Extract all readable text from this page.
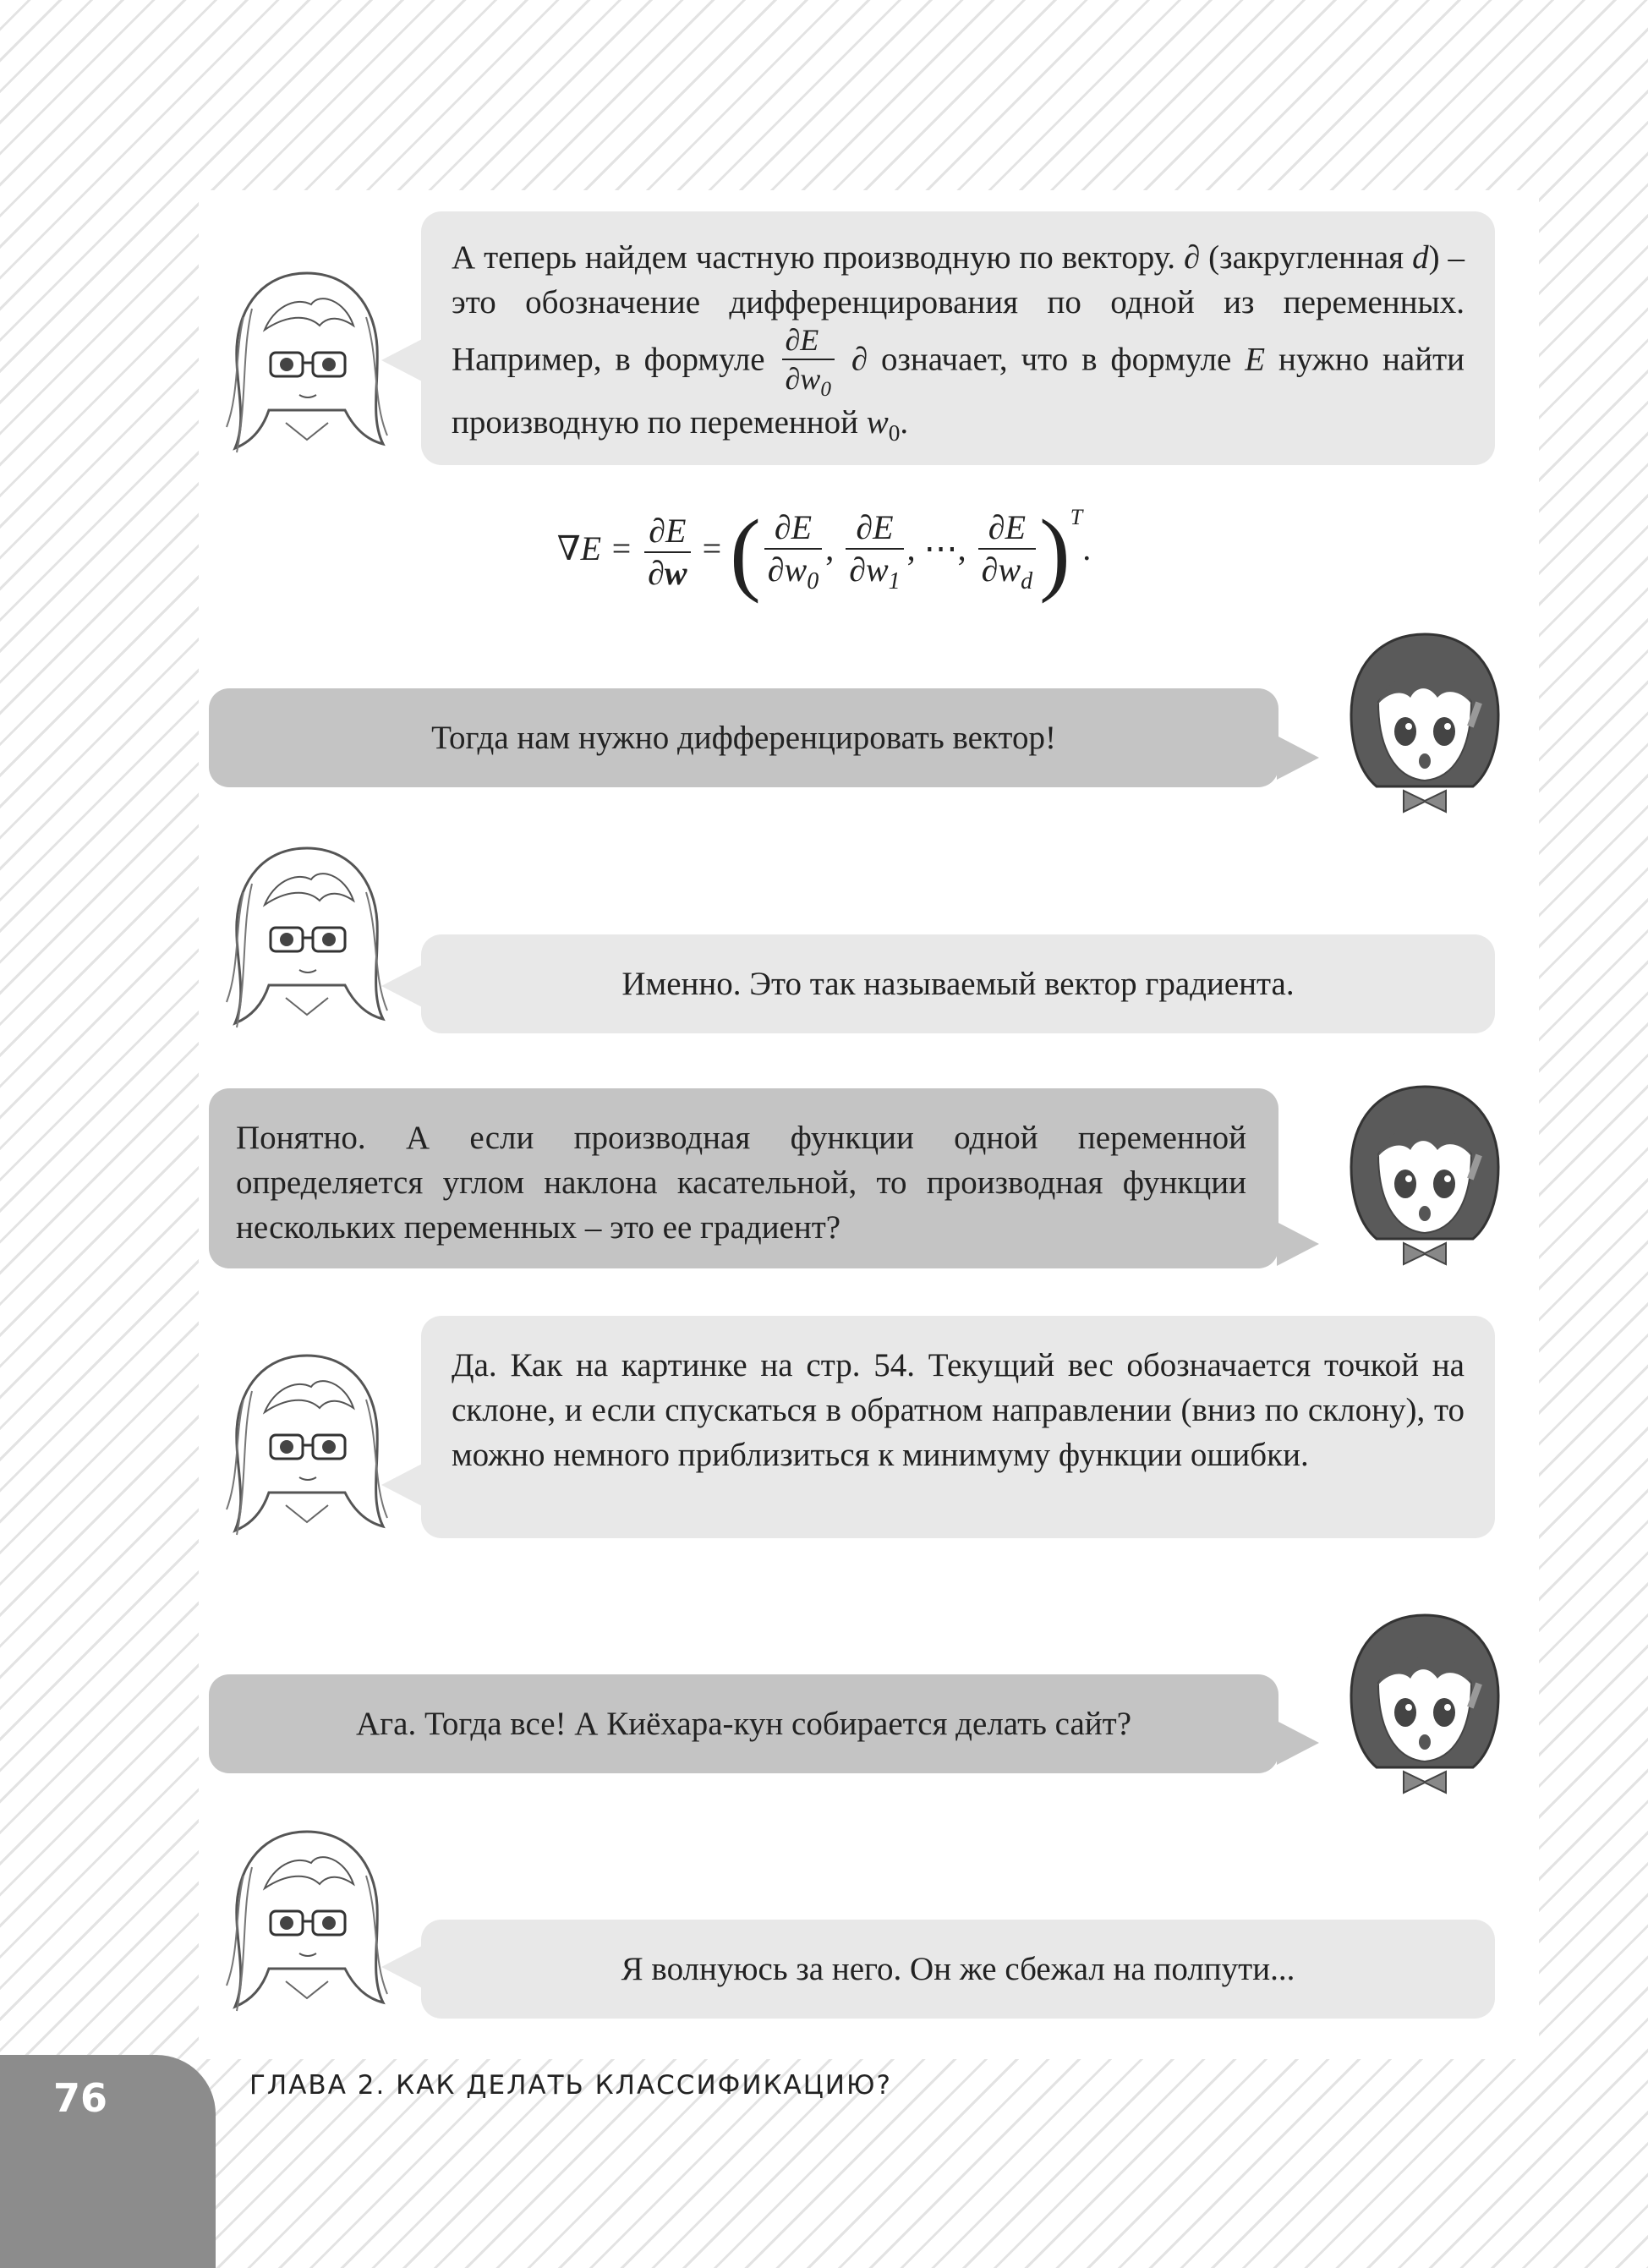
А теперь найдем частную производную по вектору. ∂ (закругленная d) – это обозначение дифференцирования по одной из переменных. Например, в формуле $\frac{\partial E}{\partial w_0}$ ∂ означает, что в формуле E нужно найти производную по переменной $w_0$.
$\nabla E = \frac{\partial E}{\partial w}$ = ( $\frac{\partial E}{\partial w_0}$ , $\frac{\partial E}{\partial w_1}$ , ⋯, $\frac{\partial E}{\partial w_d} )^T$.
Тогда нам нужно дифференцировать вектор!
Именно. Это так называемый вектор градиента.
Понятно. А если производная функции одной переменной определяется углом наклона касательной, то производная функции нескольких переменных – это ее градиент?
Да. Как на картинке на стр. 54. Текущий вес обозначается точкой на склоне, и если спускаться в обратном направлении (вниз по склону), то можно немного приблизиться к минимуму функции ошибки.
Ага. Тогда все! А Киёхара-кун собирается делать сайт?
Я волнуюсь за него. Он же сбежал на полпути...
76	ГЛАВА 2. КАК ДЕЛАТЬ КЛАССИФИКАЦИЮ?
